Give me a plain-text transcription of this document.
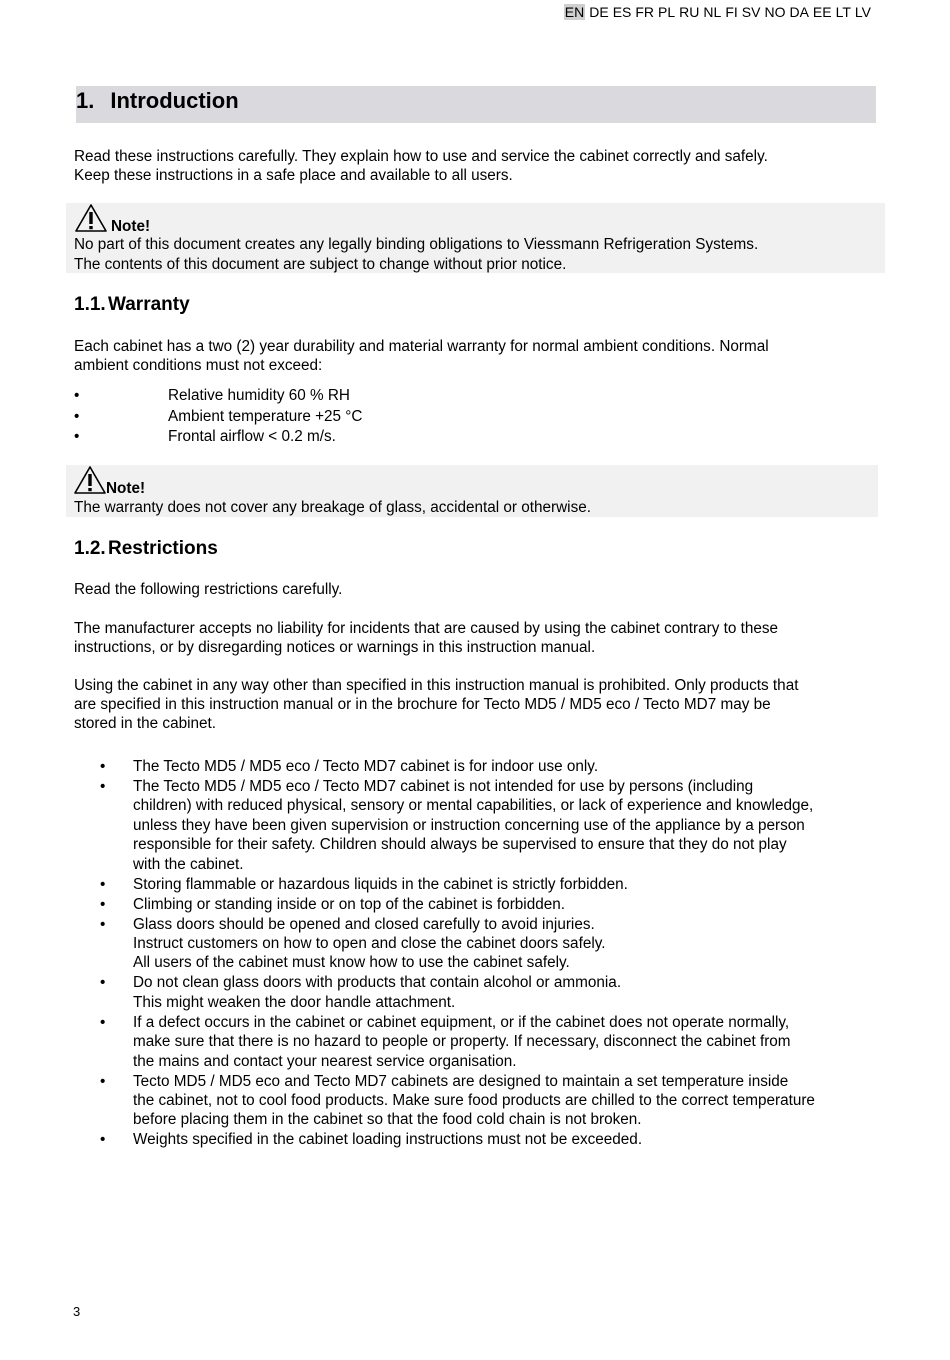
EN DE ES FR PL RU NL FI SV NO DA EE LT LV
1. Introduction
Read these instructions carefully. They explain how to use and service the cabinet correctly and safely.
Keep these instructions in a safe place and available to all users.
Note!
No part of this document creates any legally binding obligations to Viessmann Refrigeration Systems.
The contents of this document are subject to change without prior notice.
1.1. Warranty
Each cabinet has a two (2) year durability and material warranty for normal ambient conditions. Normal
ambient conditions must not exceed:
•	Relative humidity 60 % RH
•	Ambient temperature +25 °C
•	Frontal airflow < 0.2 m/s.
Note!
The warranty does not cover any breakage of glass, accidental or otherwise.
1.2. Restrictions
Read the following restrictions carefully.
The manufacturer accepts no liability for incidents that are caused by using the cabinet contrary to these
instructions, or by disregarding notices or warnings in this instruction manual.
Using the cabinet in any way other than specified in this instruction manual is prohibited. Only products that
are specified in this instruction manual or in the brochure for Tecto MD5 / MD5 eco / Tecto MD7 may be
stored in the cabinet.
• The Tecto MD5 / MD5 eco / Tecto MD7 cabinet is for indoor use only.
• The Tecto MD5 / MD5 eco / Tecto MD7 cabinet is not intended for use by persons (including
children) with reduced physical, sensory or mental capabilities, or lack of experience and knowledge,
unless they have been given supervision or instruction concerning use of the appliance by a person
responsible for their safety. Children should always be supervised to ensure that they do not play
with the cabinet.
• Storing flammable or hazardous liquids in the cabinet is strictly forbidden.
• Climbing or standing inside or on top of the cabinet is forbidden.
• Glass doors should be opened and closed carefully to avoid injuries.
Instruct customers on how to open and close the cabinet doors safely.
All users of the cabinet must know how to use the cabinet safely.
• Do not clean glass doors with products that contain alcohol or ammonia.
This might weaken the door handle attachment.
• If a defect occurs in the cabinet or cabinet equipment, or if the cabinet does not operate normally,
make sure that there is no hazard to people or property. If necessary, disconnect the cabinet from
the mains and contact your nearest service organisation.
• Tecto MD5 / MD5 eco and Tecto MD7 cabinets are designed to maintain a set temperature inside
the cabinet, not to cool food products. Make sure food products are chilled to the correct temperature
before placing them in the cabinet so that the food cold chain is not broken.
• Weights specified in the cabinet loading instructions must not be exceeded.
3
